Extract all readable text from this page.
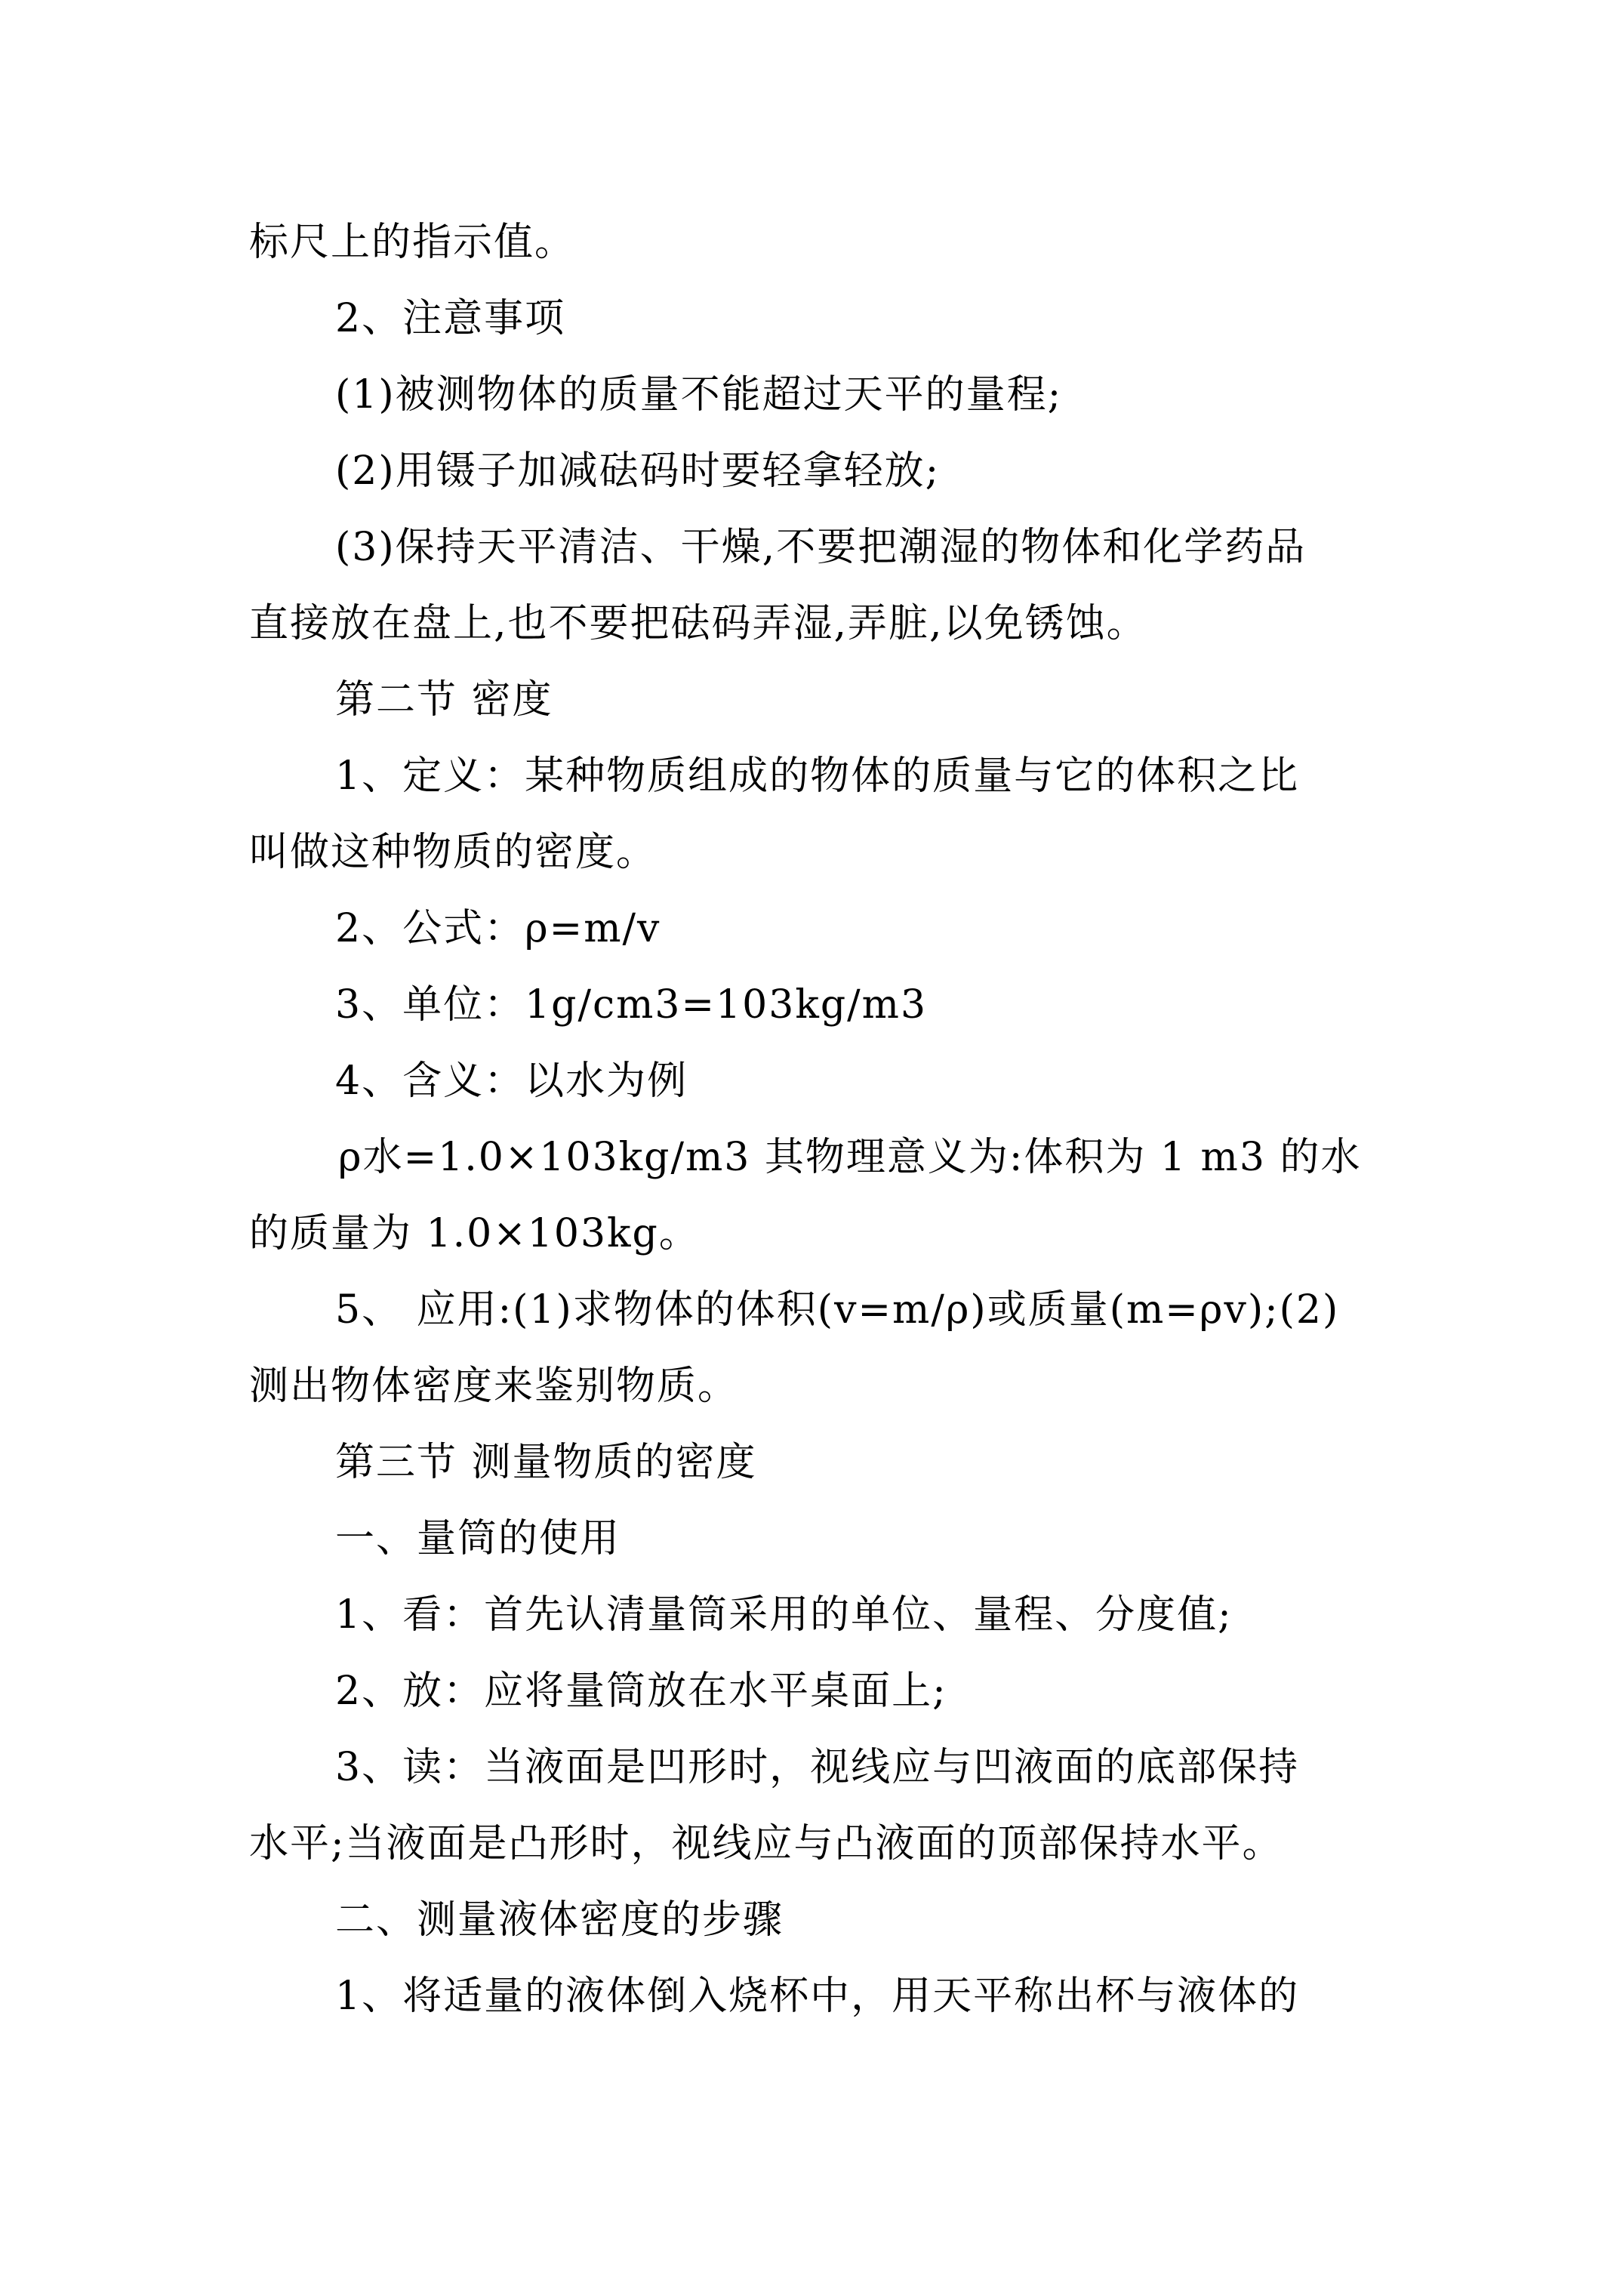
标尺上的指示值。

2、注意事项

(1)被测物体的质量不能超过天平的量程;

(2)用镊子加减砝码时要轻拿轻放;

(3)保持天平清洁、干燥,不要把潮湿的物体和化学药品

直接放在盘上,也不要把砝码弄湿,弄脏,以免锈蚀。

第二节 密度

1、定义：某种物质组成的物体的质量与它的体积之比

叫做这种物质的密度。

2、公式：ρ=m/v

3、单位：1g/cm3=103kg/m3

4、含义：以水为例

ρ水=1.0×103kg/m3 其物理意义为:体积为 1 m3 的水

的质量为 1.0×103kg。

5、 应用:(1)求物体的体积(v=m/ρ)或质量(m=ρv);(2)

测出物体密度来鉴别物质。

第三节 测量物质的密度

一、量筒的使用

1、看：首先认清量筒采用的单位、量程、分度值;

2、放：应将量筒放在水平桌面上;

3、读：当液面是凹形时，视线应与凹液面的底部保持

水平;当液面是凸形时，视线应与凸液面的顶部保持水平。

二、测量液体密度的步骤

1、将适量的液体倒入烧杯中，用天平称出杯与液体的
